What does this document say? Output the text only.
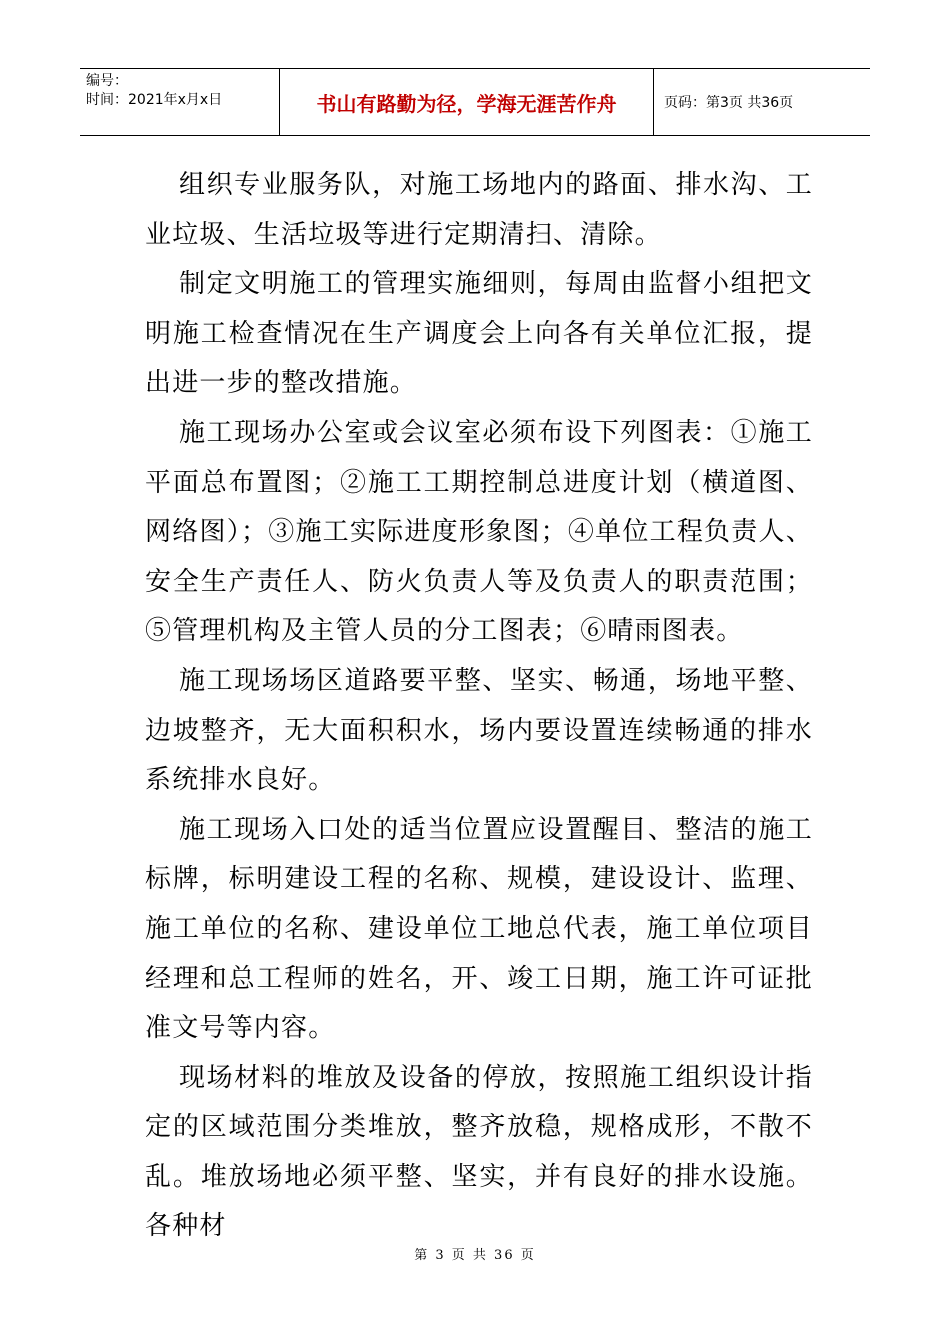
编号：
时间：2021年x月x日	书山有路勤为径，学海无涯苦作舟	页码：第3页 共36页

组织专业服务队，对施工场地内的路面、排水沟、工业垃圾、生活垃圾等进行定期清扫、清除。

制定文明施工的管理实施细则，每周由监督小组把文明施工检查情况在生产调度会上向各有关单位汇报，提出进一步的整改措施。

施工现场办公室或会议室必须布设下列图表：①施工平面总布置图；②施工工期控制总进度计划（横道图、网络图）；③施工实际进度形象图；④单位工程负责人、安全生产责任人、防火负责人等及负责人的职责范围；⑤管理机构及主管人员的分工图表；⑥晴雨图表。

施工现场场区道路要平整、坚实、畅通，场地平整、边坡整齐，无大面积积水，场内要设置连续畅通的排水系统排水良好。

施工现场入口处的适当位置应设置醒目、整洁的施工标牌，标明建设工程的名称、规模，建设设计、监理、施工单位的名称、建设单位工地总代表，施工单位项目经理和总工程师的姓名，开、竣工日期，施工许可证批准文号等内容。

现场材料的堆放及设备的停放，按照施工组织设计指定的区域范围分类堆放，整齐放稳，规格成形，不散不乱。堆放场地必须平整、坚实，并有良好的排水设施。各种材

第 3 页 共 36 页
